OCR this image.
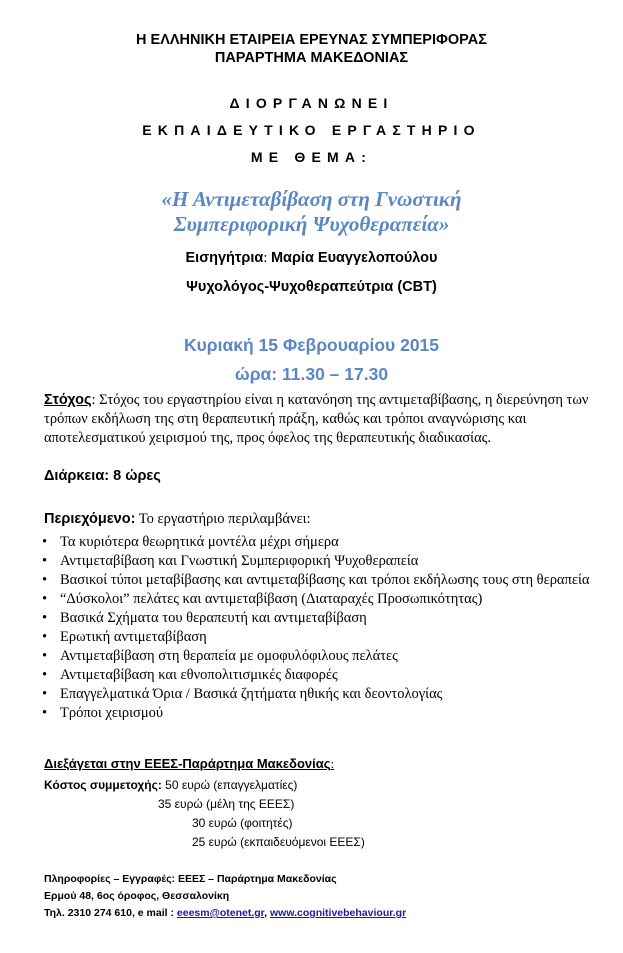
Η ΕΛΛΗΝΙΚΗ ΕΤΑΙΡΕΙΑ ΕΡΕΥΝΑΣ ΣΥΜΠΕΡΙΦΟΡΑΣ
ΠΑΡΑΡΤΗΜΑ ΜΑΚΕΔΟΝΙΑΣ
ΔΙΟΡΓΑΝΩΝΕΙ
ΕΚΠΑΙΔΕΥΤΙΚΟ ΕΡΓΑΣΤΗΡΙΟ
ΜΕ ΘΕΜΑ:
«Η Αντιμεταβίβαση στη Γνωστική
Συμπεριφορική Ψυχοθεραπεία»
Εισηγήτρια: Μαρία Ευαγγελοπούλου
Ψυχολόγος-Ψυχοθεραπεύτρια (CBT)
Κυριακή 15 Φεβρουαρίου 2015
ώρα: 11.30 – 17.30
Στόχος: Στόχος του εργαστηρίου είναι η κατανόηση της αντιμεταβίβασης, η διερεύνηση των τρόπων εκδήλωση της στη θεραπευτική πράξη, καθώς και τρόποι αναγνώρισης και αποτελεσματικού χειρισμού της, προς όφελος της θεραπευτικής διαδικασίας.
Διάρκεια: 8 ώρες
Περιεχόμενο: Το εργαστήριο περιλαμβάνει:
• Τα κυριότερα θεωρητικά μοντέλα μέχρι σήμερα
• Αντιμεταβίβαση και Γνωστική Συμπεριφορική Ψυχοθεραπεία
• Βασικοί τύποι μεταβίβασης και αντιμεταβίβασης και τρόποι εκδήλωσης τους στη θεραπεία
• “Δύσκολοι” πελάτες και αντιμεταβίβαση (Διαταραχές Προσωπικότητας)
• Βασικά Σχήματα του θεραπευτή και αντιμεταβίβαση
• Ερωτική αντιμεταβίβαση
• Αντιμεταβίβαση στη θεραπεία με ομοφυλόφιλους πελάτες
• Αντιμεταβίβαση και εθνοπολιτισμικές διαφορές
• Επαγγελματικά Όρια / Βασικά ζητήματα ηθικής και δεοντολογίας
• Τρόποι χειρισμού
Διεξάγεται στην ΕΕΕΣ-Παράρτημα Μακεδονίας:
Κόστος συμμετοχής: 50 ευρώ (επαγγελματίες)
35 ευρώ (μέλη της ΕΕΕΣ)
30 ευρώ (φοιτητές)
25 ευρώ (εκπαιδευόμενοι ΕΕΕΣ)
Πληροφορίες – Εγγραφές: ΕΕΕΣ – Παράρτημα Μακεδονίας
Ερμού 48, 6ος όροφος, Θεσσαλονίκη
Τηλ. 2310 274 610, e mail : eeesm@otenet.gr, www.cognitivebehaviour.gr
